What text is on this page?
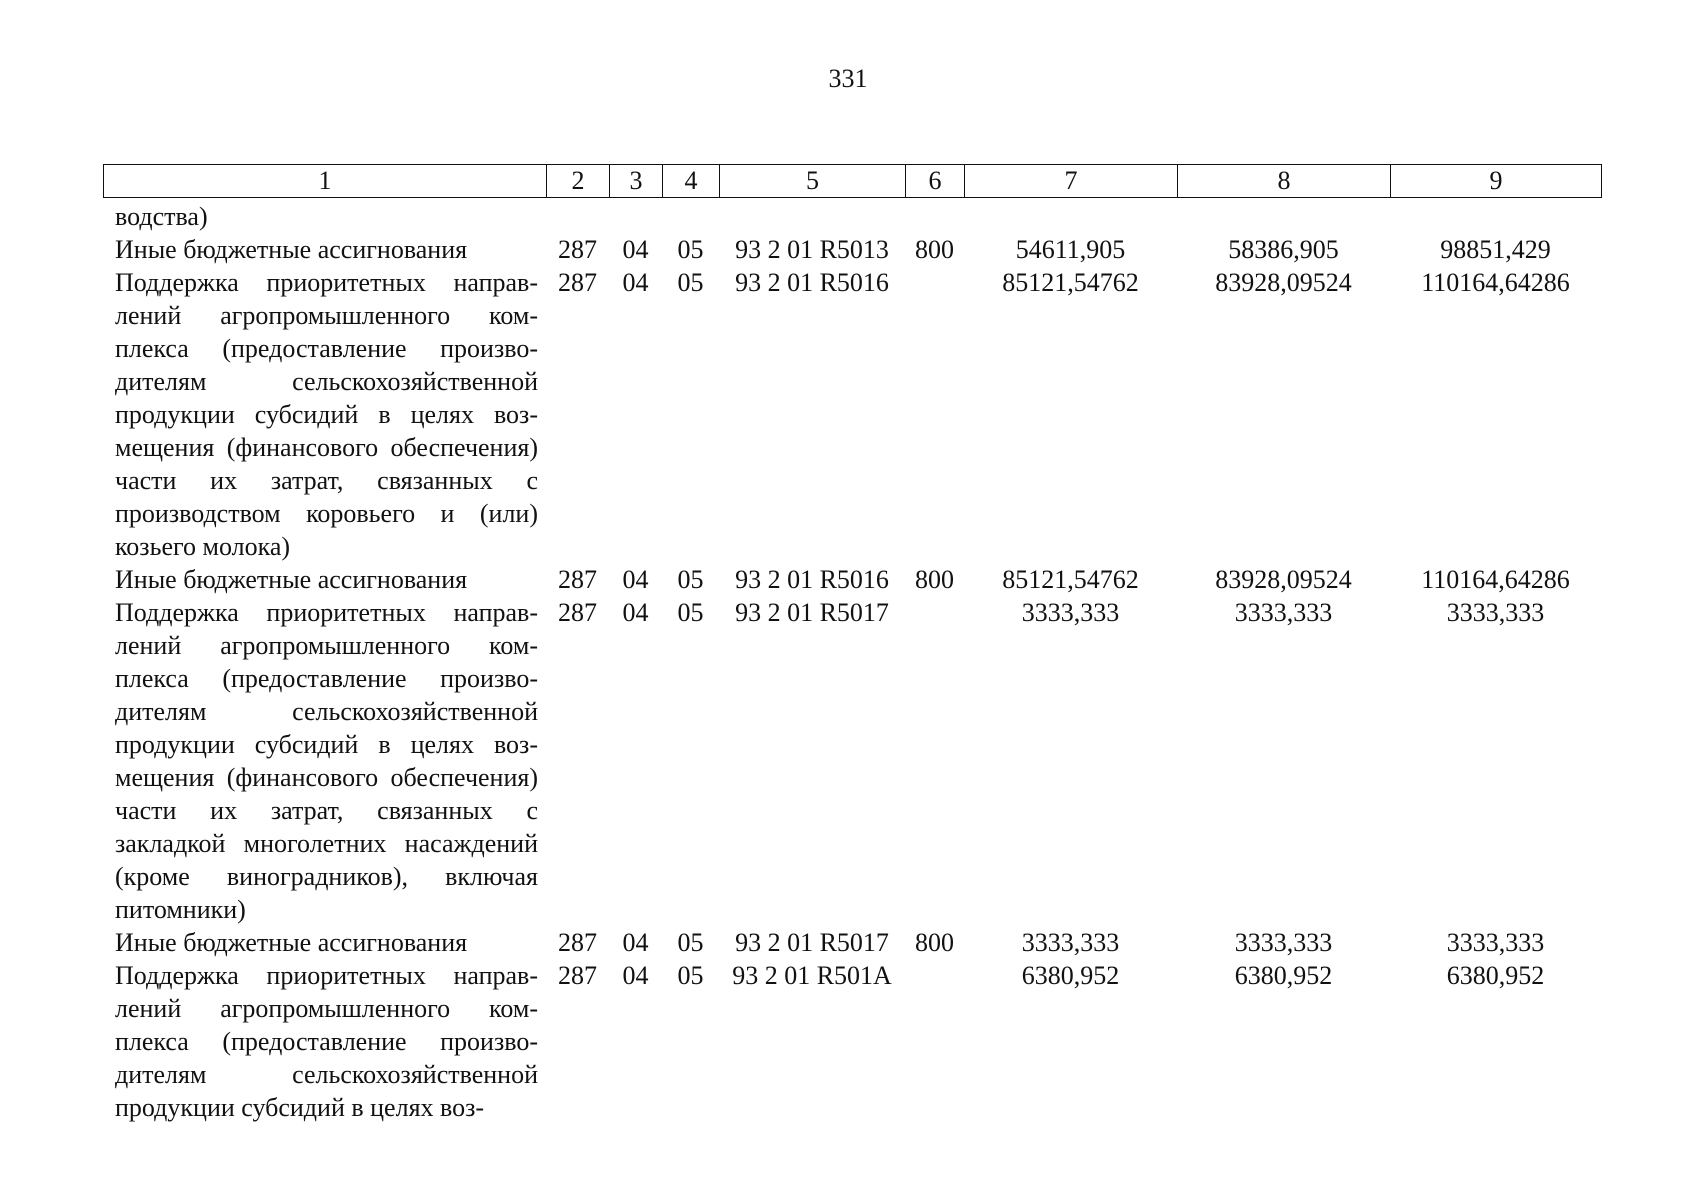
331
1	2	3	4	5	6	7	8	9
водства)								
Иные бюджетные ассигнования	287	04	05	93 2 01 R5013	800	54611,905	58386,905	98851,429
Поддержка приоритетных направлений агропромышленного комплекса (предоставление производителям сельскохозяйственной продукции субсидий в целях возмещения (финансового обеспечения) части их затрат, связанных с производством коровьего и (или) козьего молока)	287	04	05	93 2 01 R5016		85121,54762	83928,09524	110164,64286
Иные бюджетные ассигнования	287	04	05	93 2 01 R5016	800	85121,54762	83928,09524	110164,64286
Поддержка приоритетных направлений агропромышленного комплекса (предоставление производителям сельскохозяйственной продукции субсидий в целях возмещения (финансового обеспечения) части их затрат, связанных с закладкой многолетних насаждений (кроме виноградников), включая питомники)	287	04	05	93 2 01 R5017		3333,333	3333,333	3333,333
Иные бюджетные ассигнования	287	04	05	93 2 01 R5017	800	3333,333	3333,333	3333,333
Поддержка приоритетных направлений агропромышленного комплекса (предоставление производителям сельскохозяйственной продукции субсидий в целях воз-	287	04	05	93 2 01 R501A		6380,952	6380,952	6380,952
